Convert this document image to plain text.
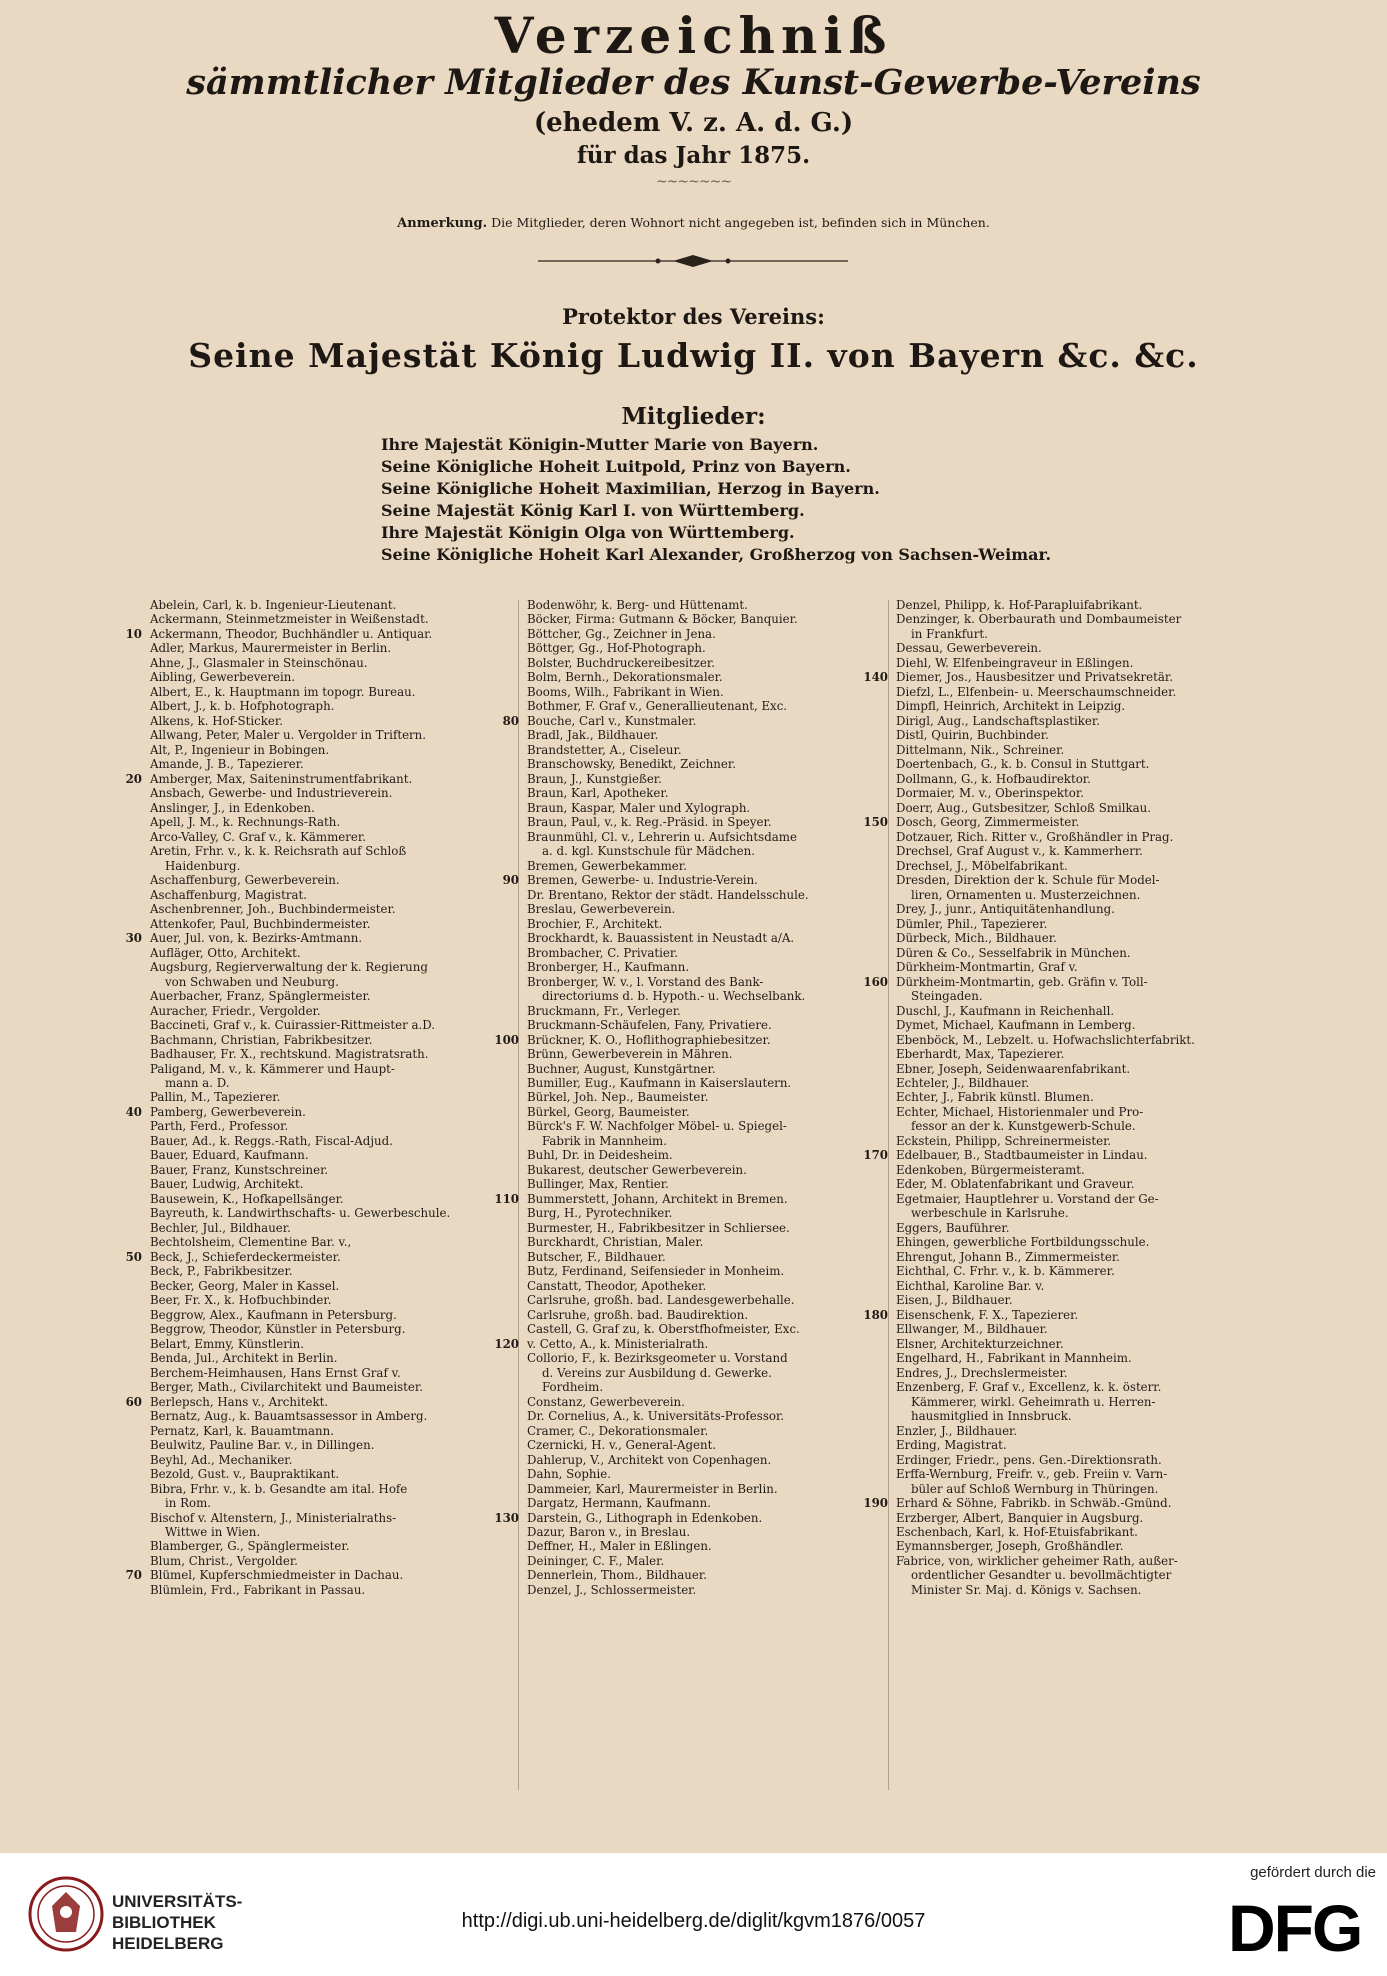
Verzeichniß
sämmtlicher Mitglieder des Kunst-Gewerbe-Vereins
(ehedem V. z. A. d. G.)
für das Jahr 1875.
~~~~~~~
Anmerkung. Die Mitglieder, deren Wohnort nicht angegeben ist, befinden sich in München.
Protektor des Vereins:
Seine Majestät König Ludwig II. von Bayern &c. &c.
Mitglieder:
Ihre Majestät Königin-Mutter Marie von Bayern.
Seine Königliche Hoheit Luitpold, Prinz von Bayern.
Seine Königliche Hoheit Maximilian, Herzog in Bayern.
Seine Majestät König Karl I. von Württemberg.
Ihre Majestät Königin Olga von Württemberg.
Seine Königliche Hoheit Karl Alexander, Großherzog von Sachsen-Weimar.
Abelein, Carl, k. b. Ingenieur-Lieutenant.
Ackermann, Steinmetzmeister in Weißenstadt.
10 Ackermann, Theodor, Buchhändler u. Antiquar.
Adler, Markus, Maurermeister in Berlin.
Ahne, J., Glasmaler in Steinschönau.
Aibling, Gewerbeverein.
Albert, E., k. Hauptmann im topogr. Bureau.
Albert, J., k. b. Hofphotograph.
Alkens, k. Hof-Sticker.
Allwang, Peter, Maler u. Vergolder in Triftern.
Alt, P., Ingenieur in Bobingen.
Amande, J. B., Tapezierer.
20 Amberger, Max, Saiteninstrumentfabrikant.
Ansbach, Gewerbe- und Industrieverein.
Anslinger, J., in Edenkoben.
Apell, J. M., k. Rechnungs-Rath.
Arco-Valley, C. Graf v., k. Kämmerer.
Aretin, Frhr. v., k. k. Reichsrath auf Schloß
Haidenburg.
Aschaffenburg, Gewerbeverein.
Aschaffenburg, Magistrat.
Aschenbrenner, Joh., Buchbindermeister.
Attenkofer, Paul, Buchbindermeister.
30 Auer, Jul. von, k. Bezirks-Amtmann.
Aufläger, Otto, Architekt.
Augsburg, Regierverwaltung der k. Regierung
von Schwaben und Neuburg.
Auerbacher, Franz, Spänglermeister.
Auracher, Friedr., Vergolder.
Baccineti, Graf v., k. Cuirassier-Rittmeister a.D.
Bachmann, Christian, Fabrikbesitzer.
Badhauser, Fr. X., rechtskund. Magistratsrath.
Paligand, M. v., k. Kämmerer und Haupt-
mann a. D.
Pallin, M., Tapezierer.
40 Pamberg, Gewerbeverein.
Parth, Ferd., Professor.
Bauer, Ad., k. Reggs.-Rath, Fiscal-Adjud.
Bauer, Eduard, Kaufmann.
Bauer, Franz, Kunstschreiner.
Bauer, Ludwig, Architekt.
Bausewein, K., Hofkapellsänger.
Bayreuth, k. Landwirthschafts- u. Gewerbeschule.
Bechler, Jul., Bildhauer.
Bechtolsheim, Clementine Bar. v.,
50 Beck, J., Schieferdeckermeister.
Beck, P., Fabrikbesitzer.
Becker, Georg, Maler in Kassel.
Beer, Fr. X., k. Hofbuchbinder.
Beggrow, Alex., Kaufmann in Petersburg.
Beggrow, Theodor, Künstler in Petersburg.
Belart, Emmy, Künstlerin.
Benda, Jul., Architekt in Berlin.
Berchem-Heimhausen, Hans Ernst Graf v.
Berger, Math., Civilarchitekt und Baumeister.
60 Berlepsch, Hans v., Architekt.
Bernatz, Aug., k. Bauamtsassessor in Amberg.
Pernatz, Karl, k. Bauamtmann.
Beulwitz, Pauline Bar. v., in Dillingen.
Beyhl, Ad., Mechaniker.
Bezold, Gust. v., Baupraktikant.
Bibra, Frhr. v., k. b. Gesandte am ital. Hofe
in Rom.
Bischof v. Altenstern, J., Ministerialraths-
Wittwe in Wien.
Blamberger, G., Spänglermeister.
Blum, Christ., Vergolder.
70 Blümel, Kupferschmiedmeister in Dachau.
Blümlein, Frd., Fabrikant in Passau.
Bodenwöhr, k. Berg- und Hüttenamt.
Böcker, Firma: Gutmann & Böcker, Banquier.
Böttcher, Gg., Zeichner in Jena.
Böttger, Gg., Hof-Photograph.
Bolster, Buchdruckereibesitzer.
Bolm, Bernh., Dekorationsmaler.
Booms, Wilh., Fabrikant in Wien.
Bothmer, F. Graf v., Generallieutenant, Exc.
80 Bouche, Carl v., Kunstmaler.
Bradl, Jak., Bildhauer.
Brandstetter, A., Ciseleur.
Branschowsky, Benedikt, Zeichner.
Braun, J., Kunstgießer.
Braun, Karl, Apotheker.
Braun, Kaspar, Maler und Xylograph.
Braun, Paul, v., k. Reg.-Präsid. in Speyer.
Braunmühl, Cl. v., Lehrerin u. Aufsichtsdame
a. d. kgl. Kunstschule für Mädchen.
Bremen, Gewerbekammer.
90 Bremen, Gewerbe- u. Industrie-Verein.
Dr. Brentano, Rektor der städt. Handelsschule.
Breslau, Gewerbeverein.
Brochier, F., Architekt.
Brockhardt, k. Bauassistent in Neustadt a/A.
Brombacher, C. Privatier.
Bronberger, H., Kaufmann.
Bronberger, W. v., l. Vorstand des Bank-
directoriums d. b. Hypoth.- u. Wechselbank.
Bruckmann, Fr., Verleger.
Bruckmann-Schäufelen, Fany, Privatiere.
100 Brückner, K. O., Hoflithographiebesitzer.
Brünn, Gewerbeverein in Mähren.
Buchner, August, Kunstgärtner.
Bumiller, Eug., Kaufmann in Kaiserslautern.
Bürkel, Joh. Nep., Baumeister.
Bürkel, Georg, Baumeister.
Bürck's F. W. Nachfolger Möbel- u. Spiegel-
Fabrik in Mannheim.
Buhl, Dr. in Deidesheim.
Bukarest, deutscher Gewerbeverein.
Bullinger, Max, Rentier.
110 Bummerstett, Johann, Architekt in Bremen.
Burg, H., Pyrotechniker.
Burmester, H., Fabrikbesitzer in Schliersee.
Burckhardt, Christian, Maler.
Butscher, F., Bildhauer.
Butz, Ferdinand, Seifensieder in Monheim.
Canstatt, Theodor, Apotheker.
Carlsruhe, großh. bad. Landesgewerbehalle.
Carlsruhe, großh. bad. Baudirektion.
Castell, G. Graf zu, k. Oberstfhofmeister, Exc.
120 v. Cetto, A., k. Ministerialrath.
Collorio, F., k. Bezirksgeometer u. Vorstand
d. Vereins zur Ausbildung d. Gewerke.
Fordheim.
Constanz, Gewerbeverein.
Dr. Cornelius, A., k. Universitäts-Professor.
Cramer, C., Dekorationsmaler.
Czernicki, H. v., General-Agent.
Dahlerup, V., Architekt von Copenhagen.
Dahn, Sophie.
Dammeier, Karl, Maurermeister in Berlin.
Dargatz, Hermann, Kaufmann.
130 Darstein, G., Lithograph in Edenkoben.
Dazur, Baron v., in Breslau.
Deffner, H., Maler in Eßlingen.
Deininger, C. F., Maler.
Dennerlein, Thom., Bildhauer.
Denzel, J., Schlossermeister.
Denzel, Philipp, k. Hof-Parapluifabrikant.
Denzinger, k. Oberbaurath und Dombaumeister
in Frankfurt.
Dessau, Gewerbeverein.
Diehl, W. Elfenbeingraveur in Eßlingen.
140 Diemer, Jos., Hausbesitzer und Privatsekretär.
Diefzl, L., Elfenbein- u. Meerschaumschneider.
Dimpfl, Heinrich, Architekt in Leipzig.
Dirigl, Aug., Landschaftsplastiker.
Distl, Quirin, Buchbinder.
Dittelmann, Nik., Schreiner.
Doertenbach, G., k. b. Consul in Stuttgart.
Dollmann, G., k. Hofbaudirektor.
Dormaier, M. v., Oberinspektor.
Doerr, Aug., Gutsbesitzer, Schloß Smilkau.
150 Dosch, Georg, Zimmermeister.
Dotzauer, Rich. Ritter v., Großhändler in Prag.
Drechsel, Graf August v., k. Kammerherr.
Drechsel, J., Möbelfabrikant.
Dresden, Direktion der k. Schule für Model-
liren, Ornamenten u. Musterzeichnen.
Drey, J., junr., Antiquitätenhandlung.
Dümler, Phil., Tapezierer.
Dürbeck, Mich., Bildhauer.
Düren & Co., Sesselfabrik in München.
Dürkheim-Montmartin, Graf v.
160 Dürkheim-Montmartin, geb. Gräfin v. Toll-
Steingaden.
Duschl, J., Kaufmann in Reichenhall.
Dymet, Michael, Kaufmann in Lemberg.
Ebenböck, M., Lebzelt. u. Hofwachslichterfabrikt.
Eberhardt, Max, Tapezierer.
Ebner, Joseph, Seidenwaarenfabrikant.
Echteler, J., Bildhauer.
Echter, J., Fabrik künstl. Blumen.
Echter, Michael, Historienmaler und Pro-
fessor an der k. Kunstgewerb-Schule.
Eckstein, Philipp, Schreinermeister.
170 Edelbauer, B., Stadtbaumeister in Lindau.
Edenkoben, Bürgermeisteramt.
Eder, M. Oblatenfabrikant und Graveur.
Egetmaier, Hauptlehrer u. Vorstand der Ge-
werbeschule in Karlsruhe.
Eggers, Bauführer.
Ehingen, gewerbliche Fortbildungsschule.
Ehrengut, Johann B., Zimmermeister.
Eichthal, C. Frhr. v., k. b. Kämmerer.
Eichthal, Karoline Bar. v.
Eisen, J., Bildhauer.
180 Eisenschenk, F. X., Tapezierer.
Ellwanger, M., Bildhauer.
Elsner, Architekturzeichner.
Engelhard, H., Fabrikant in Mannheim.
Endres, J., Drechslermeister.
Enzenberg, F. Graf v., Excellenz, k. k. österr.
Kämmerer, wirkl. Geheimrath u. Herren-
hausmitglied in Innsbruck.
Enzler, J., Bildhauer.
Erding, Magistrat.
Erdinger, Friedr., pens. Gen.-Direktionsrath.
Erffa-Wernburg, Freifr. v., geb. Freiin v. Varn-
büler auf Schloß Wernburg in Thüringen.
190 Erhard & Söhne, Fabrikb. in Schwäb.-Gmünd.
Erzberger, Albert, Banquier in Augsburg.
Eschenbach, Karl, k. Hof-Etuisfabrikant.
Eymannsberger, Joseph, Großhändler.
Fabrice, von, wirklicher geheimer Rath, außer-
ordentlicher Gesandter u. bevollmächtigter
Minister Sr. Maj. d. Königs v. Sachsen.
UNIVERSITÄTS-
BIBLIOTHEK
HEIDELBERG
http://digi.ub.uni-heidelberg.de/diglit/kgvm1876/0057
gefördert durch die
DFG
